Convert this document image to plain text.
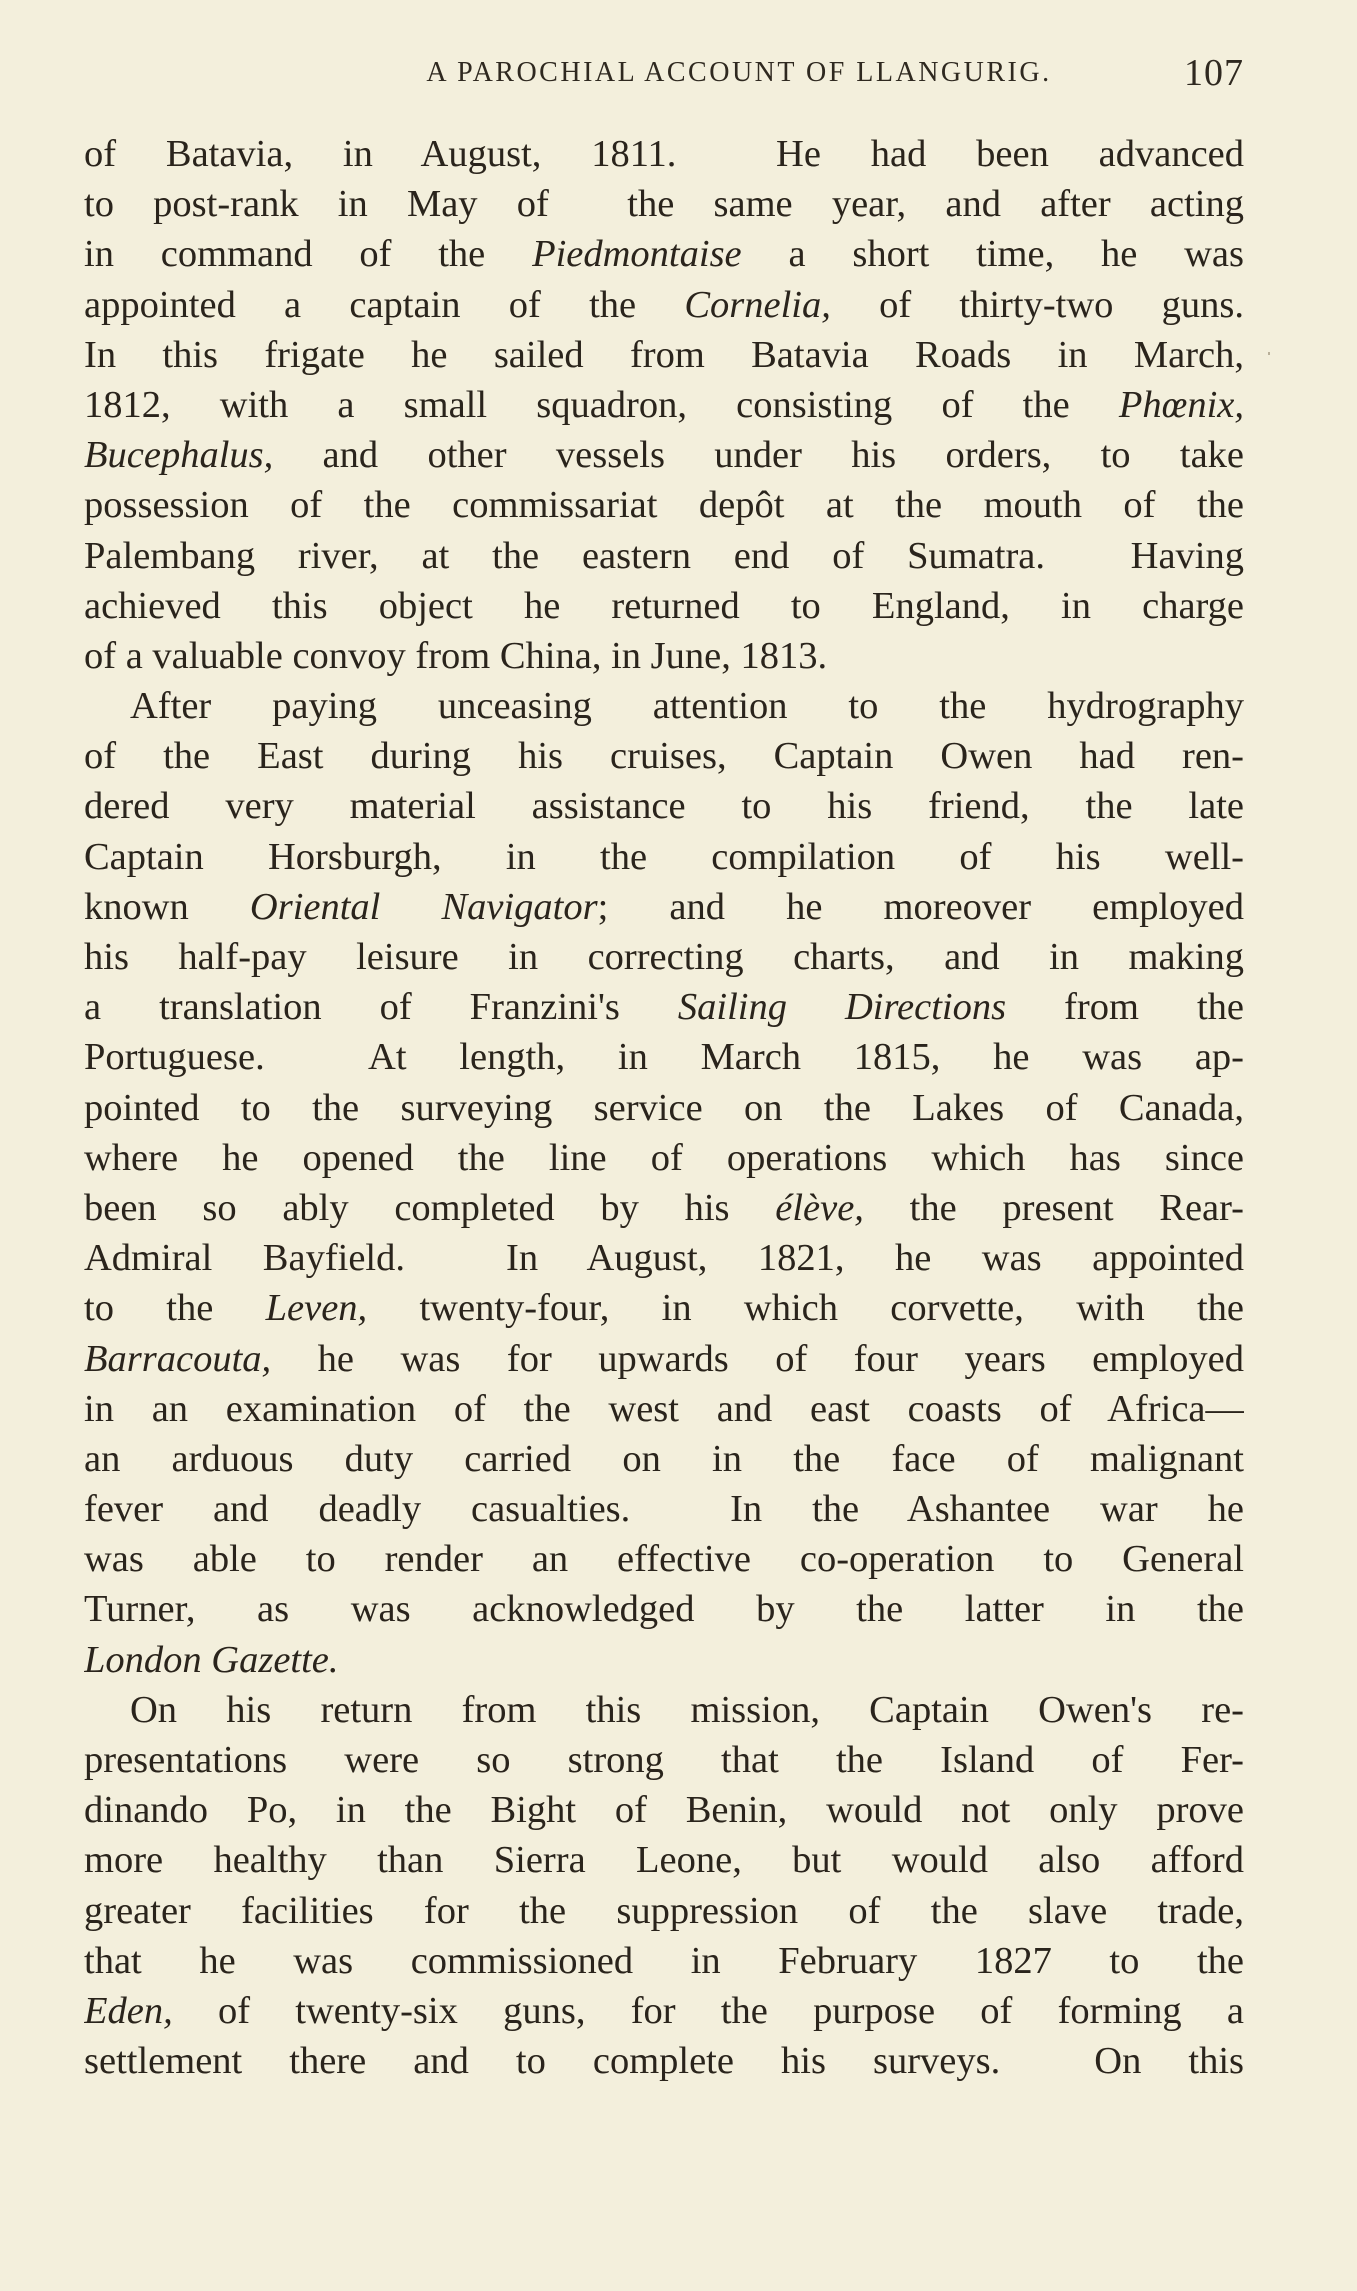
A PAROCHIAL ACCOUNT OF LLANGURIG.	107
of Batavia, in August, 1811.  He had been advanced
to post-rank in May of  the same year, and after acting
in command of the Piedmontaise a short time, he was
appointed a captain of the Cornelia, of thirty-two guns.
In this frigate he sailed from Batavia Roads in March,
1812, with a small squadron, consisting of the Phœnix,
Bucephalus, and other vessels under his orders, to take
possession of the commissariat depôt at the mouth of the
Palembang river, at the eastern end of Sumatra.  Having
achieved this object he returned to England, in charge
of a valuable convoy from China, in June, 1813.
After paying unceasing attention to the hydrography
of the East during his cruises, Captain Owen had ren-
dered very material assistance to his friend, the late
Captain Horsburgh, in the compilation of his well-
known Oriental Navigator; and he moreover employed
his half-pay leisure in correcting charts, and in making
a translation of Franzini's Sailing Directions from the
Portuguese.  At length, in March 1815, he was ap-
pointed to the surveying service on the Lakes of Canada,
where he opened the line of operations which has since
been so ably completed by his élève, the present Rear-
Admiral Bayfield.  In August, 1821, he was appointed
to the Leven, twenty-four, in which corvette, with the
Barracouta, he was for upwards of four years employed
in an examination of the west and east coasts of Africa—
an arduous duty carried on in the face of malignant
fever and deadly casualties.  In the Ashantee war he
was able to render an effective co-operation to General
Turner, as was acknowledged by the latter in the
London Gazette.
On his return from this mission, Captain Owen's re-
presentations were so strong that the Island of Fer-
dinando Po, in the Bight of Benin, would not only prove
more healthy than Sierra Leone, but would also afford
greater facilities for the suppression of the slave trade,
that he was commissioned in February 1827 to the
Eden, of twenty-six guns, for the purpose of forming a
settlement there and to complete his surveys.  On this
